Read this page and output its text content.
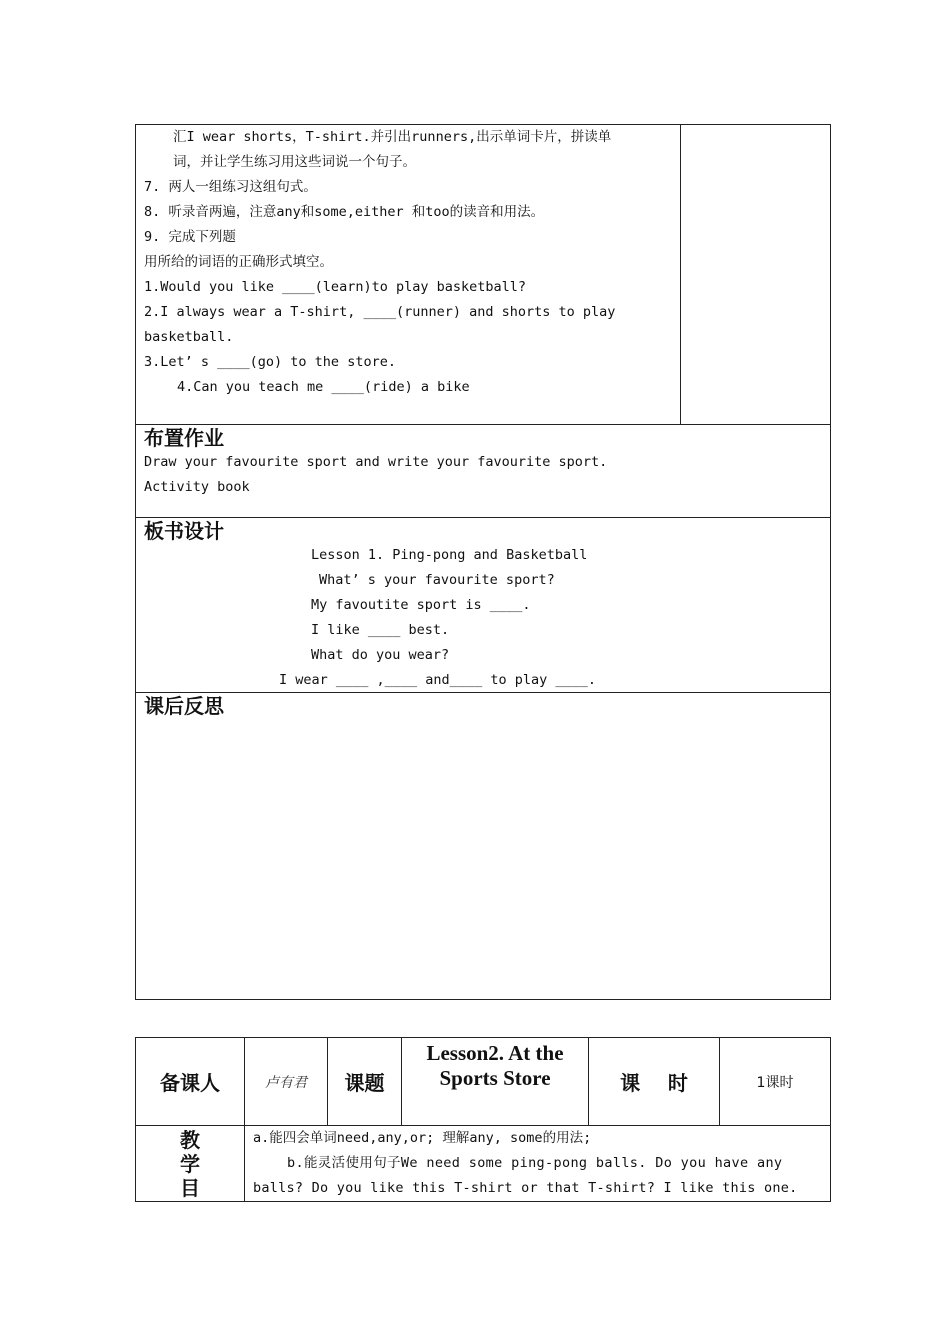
汇I wear shorts，T-shirt.并引出runners,出示单词卡片，拼读单
词，并让学生练习用这些词说一个句子。
7. 两人一组练习这组句式。
8. 听录音两遍，注意any和some,either 和too的读音和用法。
9. 完成下列题
用所给的词语的正确形式填空。
1.Would you like ____(learn)to play basketball?
2.I always wear a T-shirt, ____(runner) and shorts to play
basketball.
3.Let’ s ____(go) to the store.
4.Can you teach me ____(ride) a bike
布置作业
Draw your favourite sport and write your favourite sport.
Activity book
板书设计
Lesson 1. Ping-pong and Basketball
What’ s your favourite sport?
My favoutite sport is ____.
I like ____ best.
What do you wear?
I wear ____ ,____ and____ to play ____.
课后反思
备课人	卢有君	课题	Lesson2. At the Sports Store	课    时	1课时

教学目	a.能四会单词need,any,or; 理解any, some的用法;
b.能灵活使用句子We need some ping-pong balls. Do you have any
balls? Do you like this T-shirt or that T-shirt? I like this one.				
